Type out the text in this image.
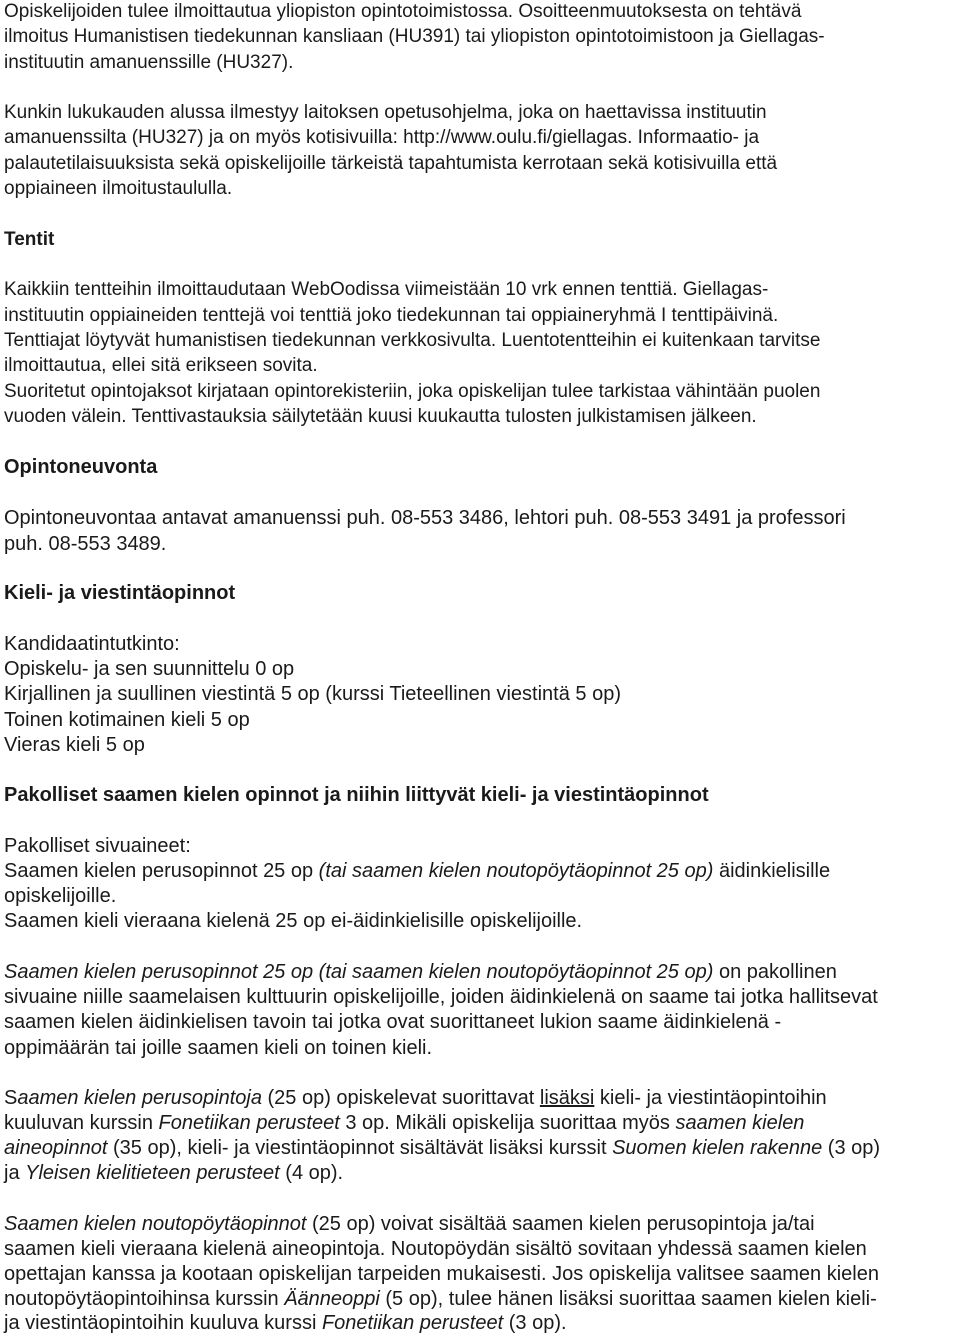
Opiskelijoiden tulee ilmoittautua yliopiston opintotoimistossa. Osoitteenmuutoksesta on tehtävä
ilmoitus Humanistisen tiedekunnan kansliaan (HU391) tai yliopiston opintotoimistoon ja Giellagas-
instituutin amanuenssille (HU327).
Kunkin lukukauden alussa ilmestyy laitoksen opetusohjelma, joka on haettavissa instituutin
amanuenssilta (HU327) ja on myös kotisivuilla: http://www.oulu.fi/giellagas. Informaatio- ja
palautetilaisuuksista sekä opiskelijoille tärkeistä tapahtumista kerrotaan sekä kotisivuilla että
oppiaineen ilmoitustaululla.
Tentit
Kaikkiin tentteihin ilmoittaudutaan WebOodissa viimeistään 10 vrk ennen tenttiä. Giellagas-
instituutin oppiaineiden tenttejä voi tenttiä joko tiedekunnan tai oppiaineryhmä I tenttipäivinä.
Tenttiajat löytyvät humanistisen tiedekunnan verkkosivulta. Luentotentteihin ei kuitenkaan tarvitse
ilmoittautua, ellei sitä erikseen sovita.
Suoritetut opintojaksot kirjataan opintorekisteriin, joka opiskelijan tulee tarkistaa vähintään puolen
vuoden välein. Tenttivastauksia säilytetään kuusi kuukautta tulosten julkistamisen jälkeen.
Opintoneuvonta
Opintoneuvontaa antavat amanuenssi puh. 08-553 3486, lehtori puh. 08-553 3491 ja professori
puh. 08-553 3489.
Kieli- ja viestintäopinnot
Kandidaatintutkinto:
Opiskelu- ja sen suunnittelu 0 op
Kirjallinen ja suullinen viestintä 5 op (kurssi Tieteellinen viestintä 5 op)
Toinen kotimainen kieli 5 op
Vieras kieli 5 op
Pakolliset saamen kielen opinnot ja niihin liittyvät kieli- ja viestintäopinnot
Pakolliset sivuaineet:
Saamen kielen perusopinnot 25 op (tai saamen kielen noutopöytäopinnot 25 op) äidinkielisille
opiskelijoille.
Saamen kieli vieraana kielenä 25 op ei-äidinkielisille opiskelijoille.
Saamen kielen perusopinnot 25 op (tai saamen kielen noutopöytäopinnot 25 op) on pakollinen
sivuaine niille saamelaisen kulttuurin opiskelijoille, joiden äidinkielenä on saame tai jotka hallitsevat
saamen kielen äidinkielisen tavoin tai jotka ovat suorittaneet lukion saame äidinkielenä -
oppimäärän tai joille saamen kieli on toinen kieli.
Saamen kielen perusopintoja (25 op) opiskelevat suorittavat lisäksi kieli- ja viestintäopintoihin
kuuluvan kurssin Fonetiikan perusteet 3 op. Mikäli opiskelija suorittaa myös saamen kielen
aineopinnot (35 op), kieli- ja viestintäopinnot sisältävät lisäksi kurssit Suomen kielen rakenne (3 op)
ja Yleisen kielitieteen perusteet (4 op).
Saamen kielen noutopöytäopinnot (25 op) voivat sisältää saamen kielen perusopintoja ja/tai
saamen kieli vieraana kielenä aineopintoja. Noutopöydän sisältö sovitaan yhdessä saamen kielen
opettajan kanssa ja kootaan opiskelijan tarpeiden mukaisesti. Jos opiskelija valitsee saamen kielen
noutopöytäopintoihinsa kurssin Äänneoppi (5 op), tulee hänen lisäksi suorittaa saamen kielen kieli-
ja viestintäopintoihin kuuluva kurssi Fonetiikan perusteet (3 op).
